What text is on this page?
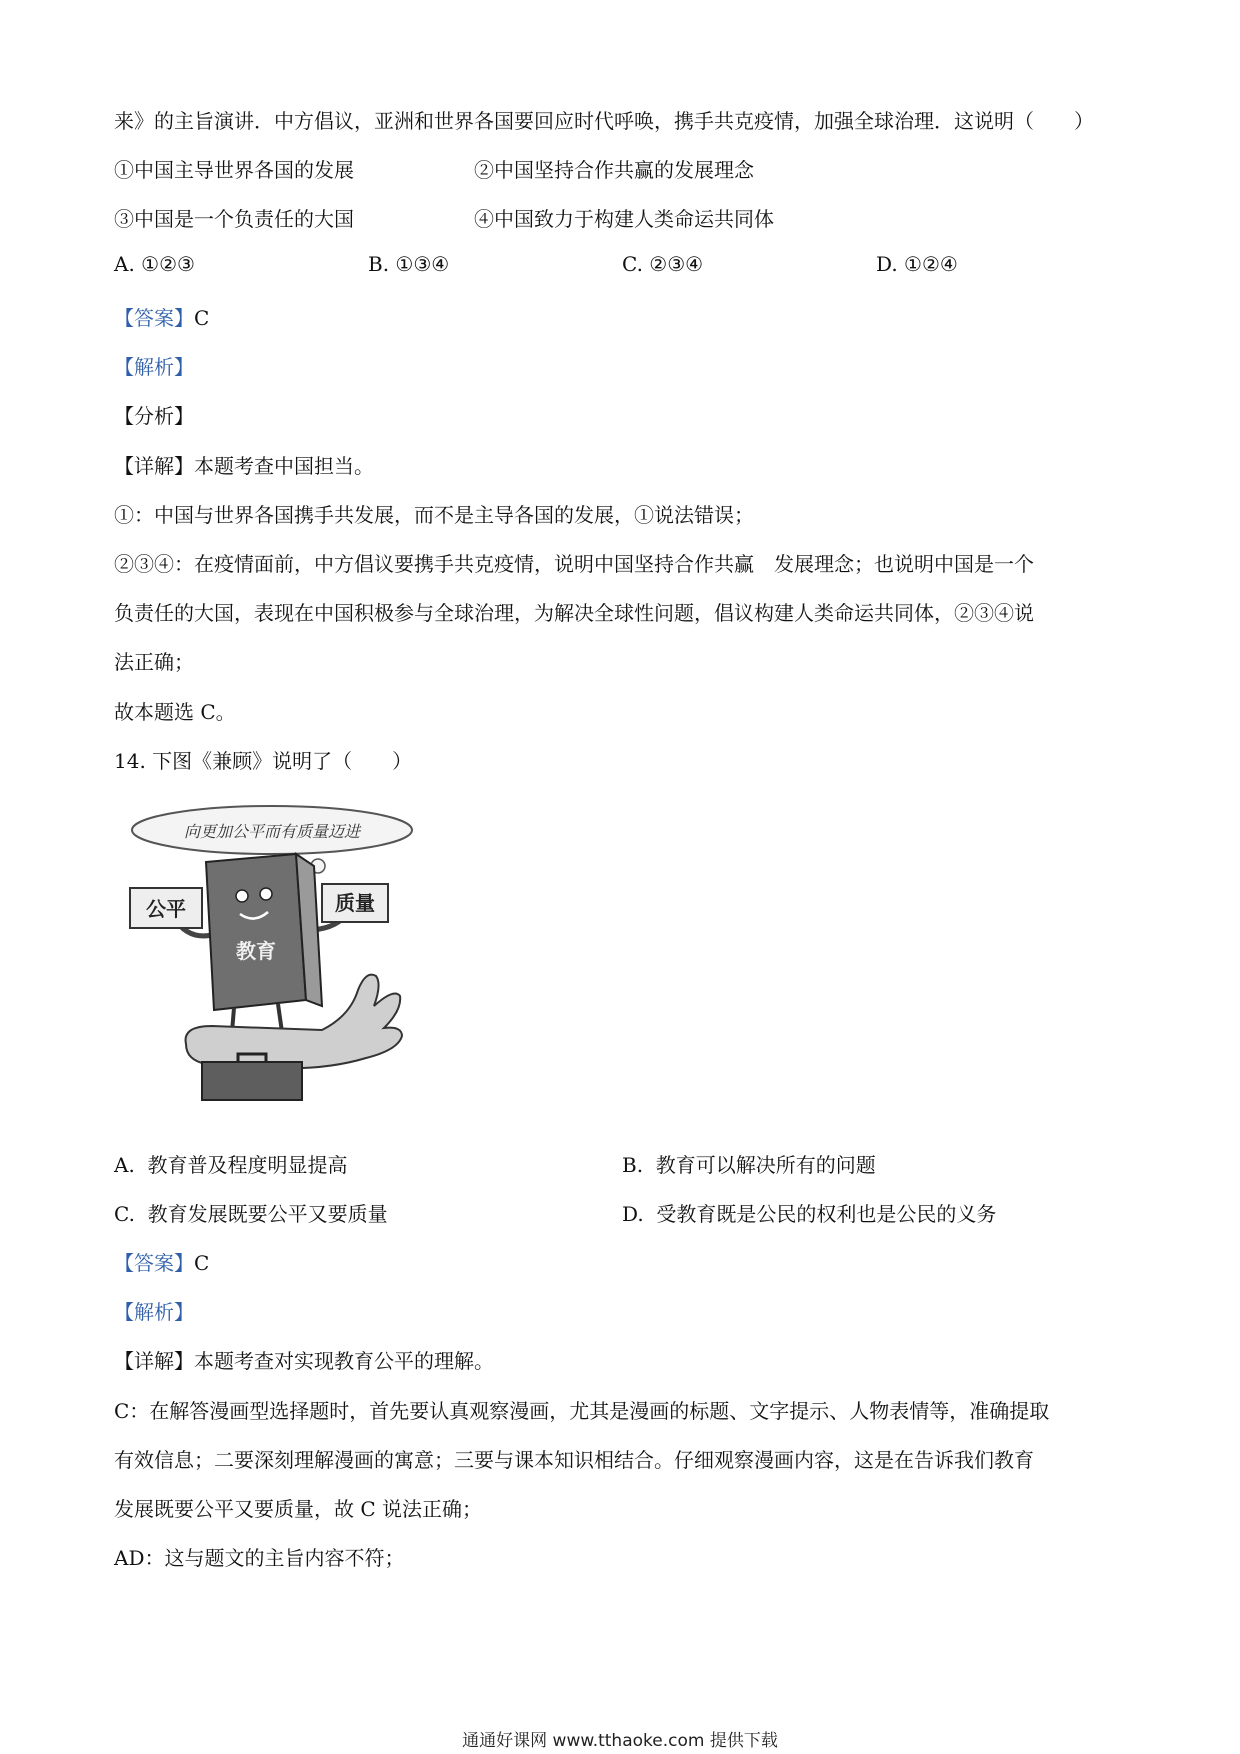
来》的主旨演讲．中方倡议，亚洲和世界各国要回应时代呼唤，携手共克疫情，加强全球治理．这说明（　　）
①中国主导世界各国的发展	②中国坚持合作共赢的发展理念
③中国是一个负责任的大国	④中国致力于构建人类命运共同体
A. ①②③	B. ①③④	C. ②③④	D. ①②④
【答案】C
【解析】
【分析】
【详解】本题考查中国担当。
①：中国与世界各国携手共发展，而不是主导各国的发展，①说法错误；
②③④：在疫情面前，中方倡议要携手共克疫情，说明中国坚持合作共赢　发展理念；也说明中国是一个
负责任的大国，表现在中国积极参与全球治理，为解决全球性问题，倡议构建人类命运共同体，②③④说
法正确；
故本题选 C。
14. 下图《兼顾》说明了（　　）
向更加公平而有质量迈进
公平	质量
教育
A. 教育普及程度明显提高	B. 教育可以解决所有的问题
C. 教育发展既要公平又要质量	D. 受教育既是公民的权利也是公民的义务
【答案】C
【解析】
【详解】本题考查对实现教育公平的理解。
C：在解答漫画型选择题时，首先要认真观察漫画，尤其是漫画的标题、文字提示、人物表情等，准确提取
有效信息；二要深刻理解漫画的寓意；三要与课本知识相结合。仔细观察漫画内容，这是在告诉我们教育
发展既要公平又要质量，故 C 说法正确；
AD：这与题文的主旨内容不符；
通通好课网 www.tthaoke.com 提供下载
